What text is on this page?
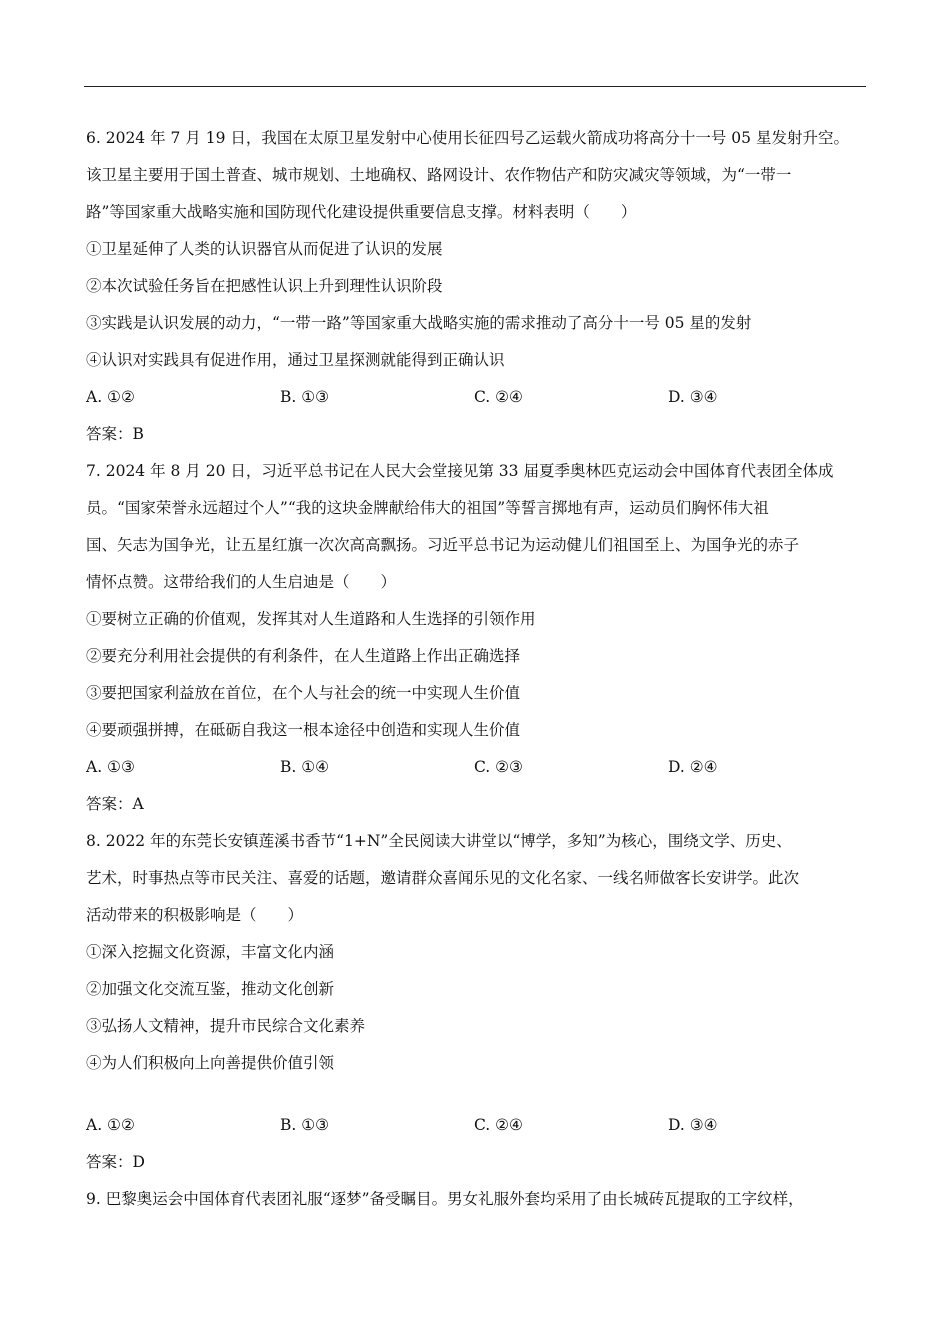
6. 2024 年 7 月 19 日，我国在太原卫星发射中心使用长征四号乙运载火箭成功将高分十一号 05 星发射升空。
该卫星主要用于国土普查、城市规划、土地确权、路网设计、农作物估产和防灾减灾等领域，为“一带一
路”等国家重大战略实施和国防现代化建设提供重要信息支撑。材料表明（　　）
①卫星延伸了人类的认识器官从而促进了认识的发展
②本次试验任务旨在把感性认识上升到理性认识阶段
③实践是认识发展的动力，“一带一路”等国家重大战略实施的需求推动了高分十一号 05 星的发射
④认识对实践具有促进作用，通过卫星探测就能得到正确认识
A. ①②	B. ①③	C. ②④	D. ③④
答案：B
7. 2024 年 8 月 20 日，习近平总书记在人民大会堂接见第 33 届夏季奥林匹克运动会中国体育代表团全体成
员。“国家荣誉永远超过个人”“我的这块金牌献给伟大的祖国”等誓言掷地有声，运动员们胸怀伟大祖
国、矢志为国争光，让五星红旗一次次高高飘扬。习近平总书记为运动健儿们祖国至上、为国争光的赤子
情怀点赞。这带给我们的人生启迪是（　　）
①要树立正确的价值观，发挥其对人生道路和人生选择的引领作用
②要充分利用社会提供的有利条件，在人生道路上作出正确选择
③要把国家利益放在首位，在个人与社会的统一中实现人生价值
④要顽强拼搏，在砥砺自我这一根本途径中创造和实现人生价值
A. ①③	B. ①④	C. ②③	D. ②④
答案：A
8. 2022 年的东莞长安镇莲溪书香节“1+N”全民阅读大讲堂以“博学，多知”为核心，围绕文学、历史、
艺术，时事热点等市民关注、喜爱的话题，邀请群众喜闻乐见的文化名家、一线名师做客长安讲学。此次
活动带来的积极影响是（　　）
①深入挖掘文化资源，丰富文化内涵
②加强文化交流互鉴，推动文化创新
③弘扬人文精神，提升市民综合文化素养
④为人们积极向上向善提供价值引领
A. ①②	B. ①③	C. ②④	D. ③④
答案：D
9. 巴黎奥运会中国体育代表团礼服“逐梦”备受瞩目。男女礼服外套均采用了由长城砖瓦提取的工字纹样，
